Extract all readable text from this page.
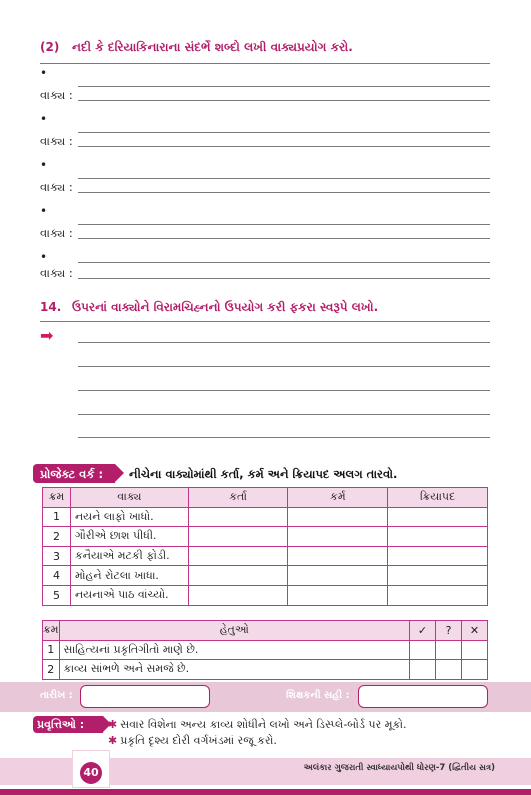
(2) નદી કે દરિયાકિનારાના સંદર્ભે શબ્દો લખી વાક્યપ્રયોગ કરો.
•
વાક્ય :
•
વાક્ય :
•
વાક્ય :
•
વાક્ય :
•
વાક્ય :
14. ઉપરનાં વાક્યોને વિરામચિહ્નનો ઉપયોગ કરી ફકરા સ્વરૂપે લખો.
➡
પ્રોજેક્ટ વર્ક :	નીચેના વાક્યોમાંથી કર્તા, કર્મ અને ક્રિયાપદ અલગ તારવો.
ક્રમ	વાક્ય	કર્તા	કર્મ	ક્રિયાપદ
1	નયને લાફો ખાધો.			
2	ગૌરીએ છાશ પીધી.			
3	કનૈયાએ મટકી ફોડી.			
4	મોહને રોટલા ખાધા.			
5	નયનાએ પાઠ વાંચ્યો.			
ક્રમ	હેતુઓ	✓	?	✕
1	સાહિત્યનાં પ્રકૃતિગીતો માણે છે.			
2	કાવ્ય સાંભળે અને સમજે છે.			
તારીખ :	શિક્ષકની સહી :
પ્રવૃત્તિઓ :	✱ સવાર વિશેના અન્ય કાવ્ય શોધીને લખો અને ડિસ્પ્લે-બોર્ડ પર મૂકો.
✱ પ્રકૃતિ દૃશ્ય દોરી વર્ગખંડમાં રજૂ કરો.
40	અલંકાર ગુજરાતી સ્વાધ્યાયપોથી ધોરણ-7 (દ્વિતીય સત્ર)
